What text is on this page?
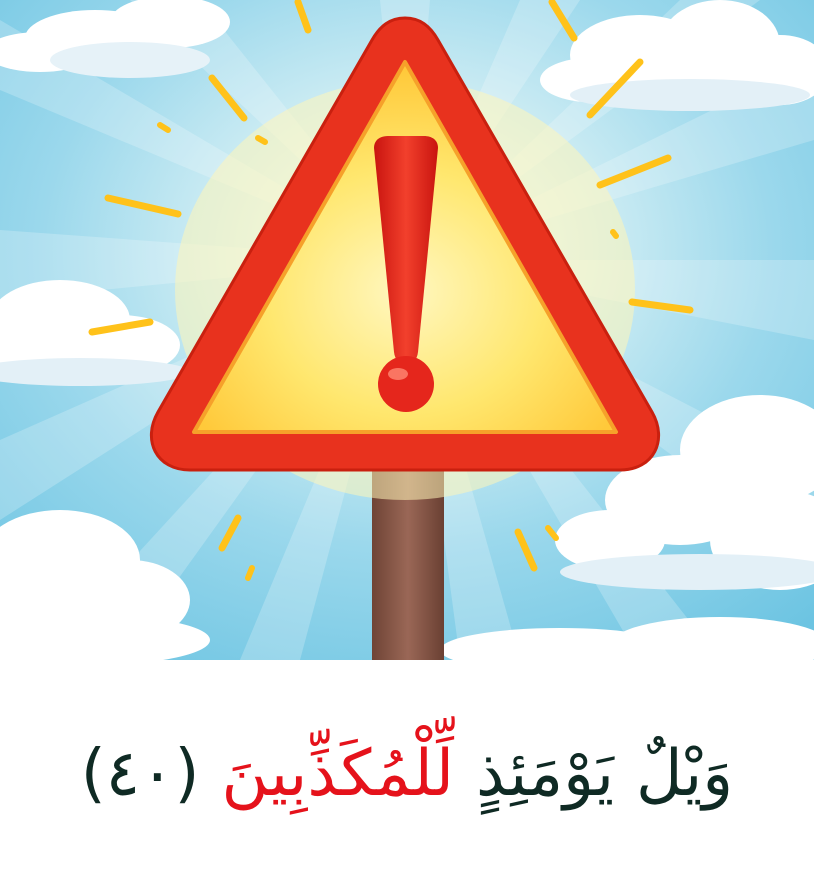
وَيْلٌ
يَوْمَئِذٍ
لِّلْمُكَذِّبِينَ
(٤٠)
